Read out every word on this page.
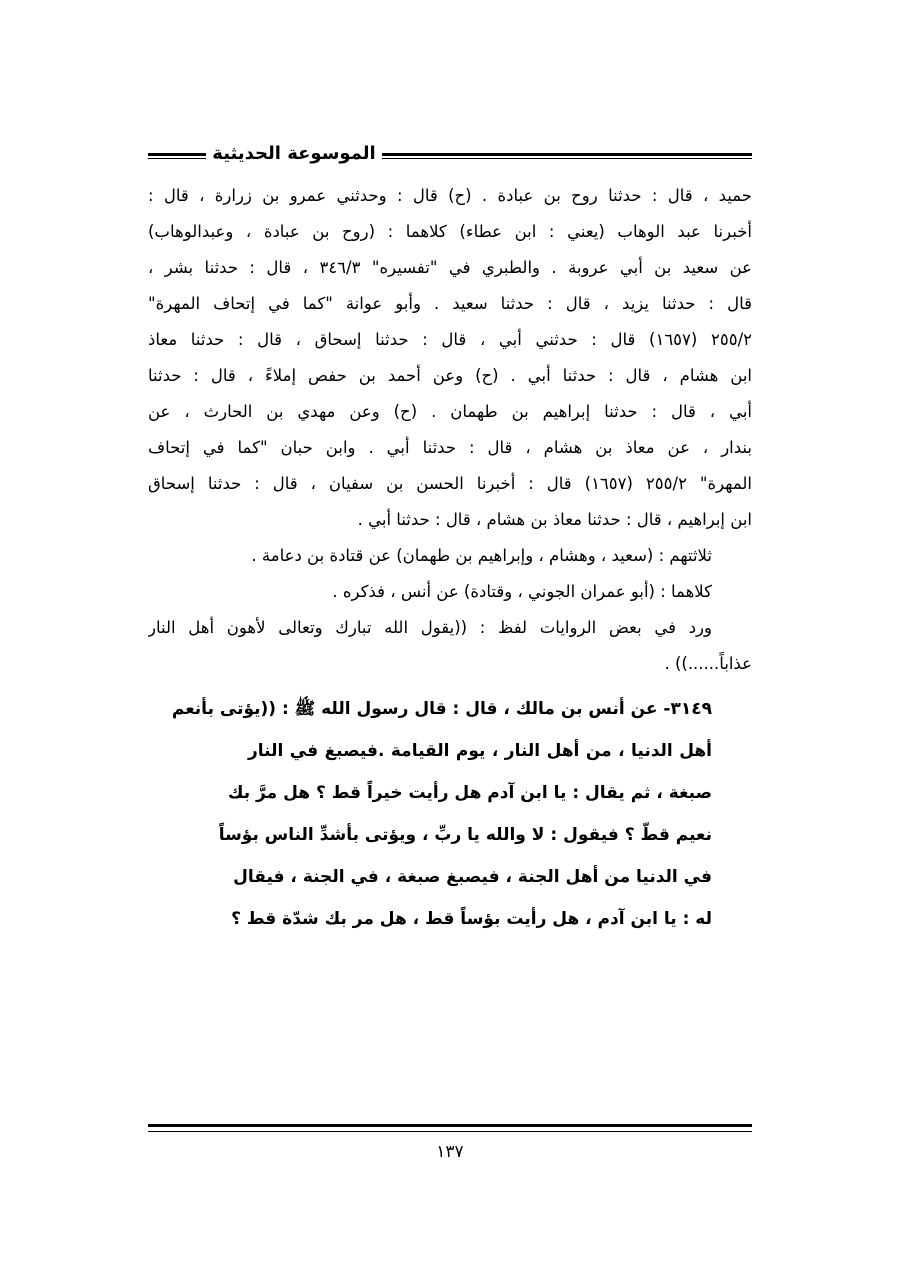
الموسوعة الحديثية
حميد ، قال : حدثنا روح بن عبادة . (ح) قال : وحدثني عمرو بن زرارة ، قال :
أخبرنا عبد الوهاب (يعني : ابن عطاء) كلاهما : (روح بن عبادة ، وعبدالوهاب)
عن سعيد بن أبي عروبة . والطبري في "تفسيره" ٣٤٦/٣ ، قال : حدثنا بشر ،
قال : حدثنا يزيد ، قال : حدثنا سعيد . وأبو عوانة "كما في إتحاف المهرة"
٢٥٥/٢ (١٦٥٧) قال : حدثني أبي ، قال : حدثنا إسحاق ، قال : حدثنا معاذ
ابن هشام ، قال : حدثنا أبي . (ح) وعن أحمد بن حفص إملاءً ، قال : حدثنا
أبي ، قال : حدثنا إبراهيم بن طهمان . (ح) وعن مهدي بن الحارث ، عن
بندار ، عن معاذ بن هشام ، قال : حدثنا أبي . وابن حبان "كما في إتحاف
المهرة" ٢٥٥/٢ (١٦٥٧) قال : أخبرنا الحسن بن سفيان ، قال : حدثنا إسحاق
ابن إبراهيم ، قال : حدثنا معاذ بن هشام ، قال : حدثنا أبي .
ثلاثتهم : (سعيد ، وهشام ، وإبراهيم بن طهمان) عن قتادة بن دعامة .
كلاهما : (أبو عمران الجوني ، وقتادة) عن أنس ، فذكره .
ورد في بعض الروايات لفظ : ((يقول الله تبارك وتعالى لأهون أهل النار
عذاباً......)) .
٣١٤٩- عن أنس بن مالك ، قال : قال رسول الله ﷺ : ((يؤتى بأنعم
أهل الدنيا ، من أهل النار ، يوم القيامة .فيصبغ في النار
صبغة ، ثم يقال : يا ابن آدم هل رأيت خيراً قط ؟ هل مرَّ بك
نعيم قطّ ؟ فيقول : لا والله يا ربِّ ، ويؤتى بأشدِّ الناس بؤساً
في الدنيا من أهل الجنة ، فيصبغ صبغة ، في الجنة ، فيقال
له : يا ابن آدم ، هل رأيت بؤساً قط ، هل مر بك شدّة قط ؟
١٣٧
